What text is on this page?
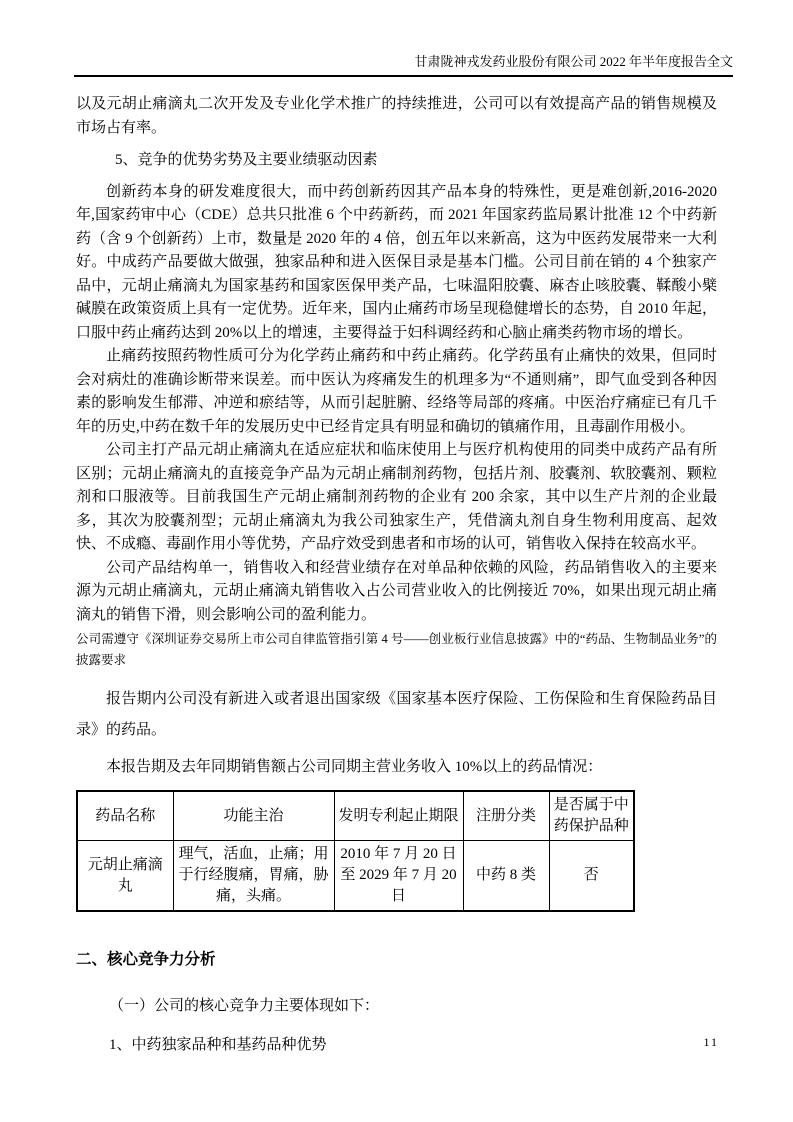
甘肃陇神戎发药业股份有限公司 2022 年半年度报告全文

以及元胡止痛滴丸二次开发及专业化学术推广的持续推进，公司可以有效提高产品的销售规模及市场占有率。

5、竞争的优势劣势及主要业绩驱动因素

创新药本身的研发难度很大，而中药创新药因其产品本身的特殊性，更是难创新,2016-2020 年,国家药审中心（CDE）总共只批准 6 个中药新药，而 2021 年国家药监局累计批准 12 个中药新药（含 9 个创新药）上市，数量是 2020 年的 4 倍，创五年以来新高，这为中医药发展带来一大利好。中成药产品要做大做强，独家品种和进入医保目录是基本门槛。公司目前在销的 4 个独家产品中，元胡止痛滴丸为国家基药和国家医保甲类产品，七味温阳胶囊、麻杏止咳胶囊、鞣酸小檗碱膜在政策资质上具有一定优势。近年来，国内止痛药市场呈现稳健增长的态势，自 2010 年起，口服中药止痛药达到 20%以上的增速，主要得益于妇科调经药和心脑止痛类药物市场的增长。

止痛药按照药物性质可分为化学药止痛药和中药止痛药。化学药虽有止痛快的效果，但同时会对病灶的准确诊断带来误差。而中医认为疼痛发生的机理多为“不通则痛”，即气血受到各种因素的影响发生郁滞、冲逆和瘀结等，从而引起脏腑、经络等局部的疼痛。中医治疗痛症已有几千年的历史,中药在数千年的发展历史中已经肯定具有明显和确切的镇痛作用，且毒副作用极小。

公司主打产品元胡止痛滴丸在适应症状和临床使用上与医疗机构使用的同类中成药产品有所区别；元胡止痛滴丸的直接竞争产品为元胡止痛制剂药物，包括片剂、胶囊剂、软胶囊剂、颗粒剂和口服液等。目前我国生产元胡止痛制剂药物的企业有 200 余家，其中以生产片剂的企业最多，其次为胶囊剂型；元胡止痛滴丸为我公司独家生产，凭借滴丸剂自身生物利用度高、起效快、不成瘾、毒副作用小等优势，产品疗效受到患者和市场的认可，销售收入保持在较高水平。

公司产品结构单一，销售收入和经营业绩存在对单品种依赖的风险，药品销售收入的主要来源为元胡止痛滴丸，元胡止痛滴丸销售收入占公司营业收入的比例接近 70%，如果出现元胡止痛滴丸的销售下滑，则会影响公司的盈利能力。

公司需遵守《深圳证券交易所上市公司自律监管指引第 4 号——创业板行业信息披露》中的“药品、生物制品业务”的披露要求

报告期内公司没有新进入或者退出国家级《国家基本医疗保险、工伤保险和生育保险药品目录》的药品。

本报告期及去年同期销售额占公司同期主营业务收入 10%以上的药品情况：

药品名称	功能主治	发明专利起止期限	注册分类	是否属于中药保护品种
元胡止痛滴丸	理气，活血，止痛；用于行经腹痛，胃痛，胁痛，头痛。	2010 年 7 月 20 日至 2029 年 7 月 20 日	中药 8 类	否

二、核心竞争力分析

（一）公司的核心竞争力主要体现如下：

1、中药独家品种和基药品种优势	11
